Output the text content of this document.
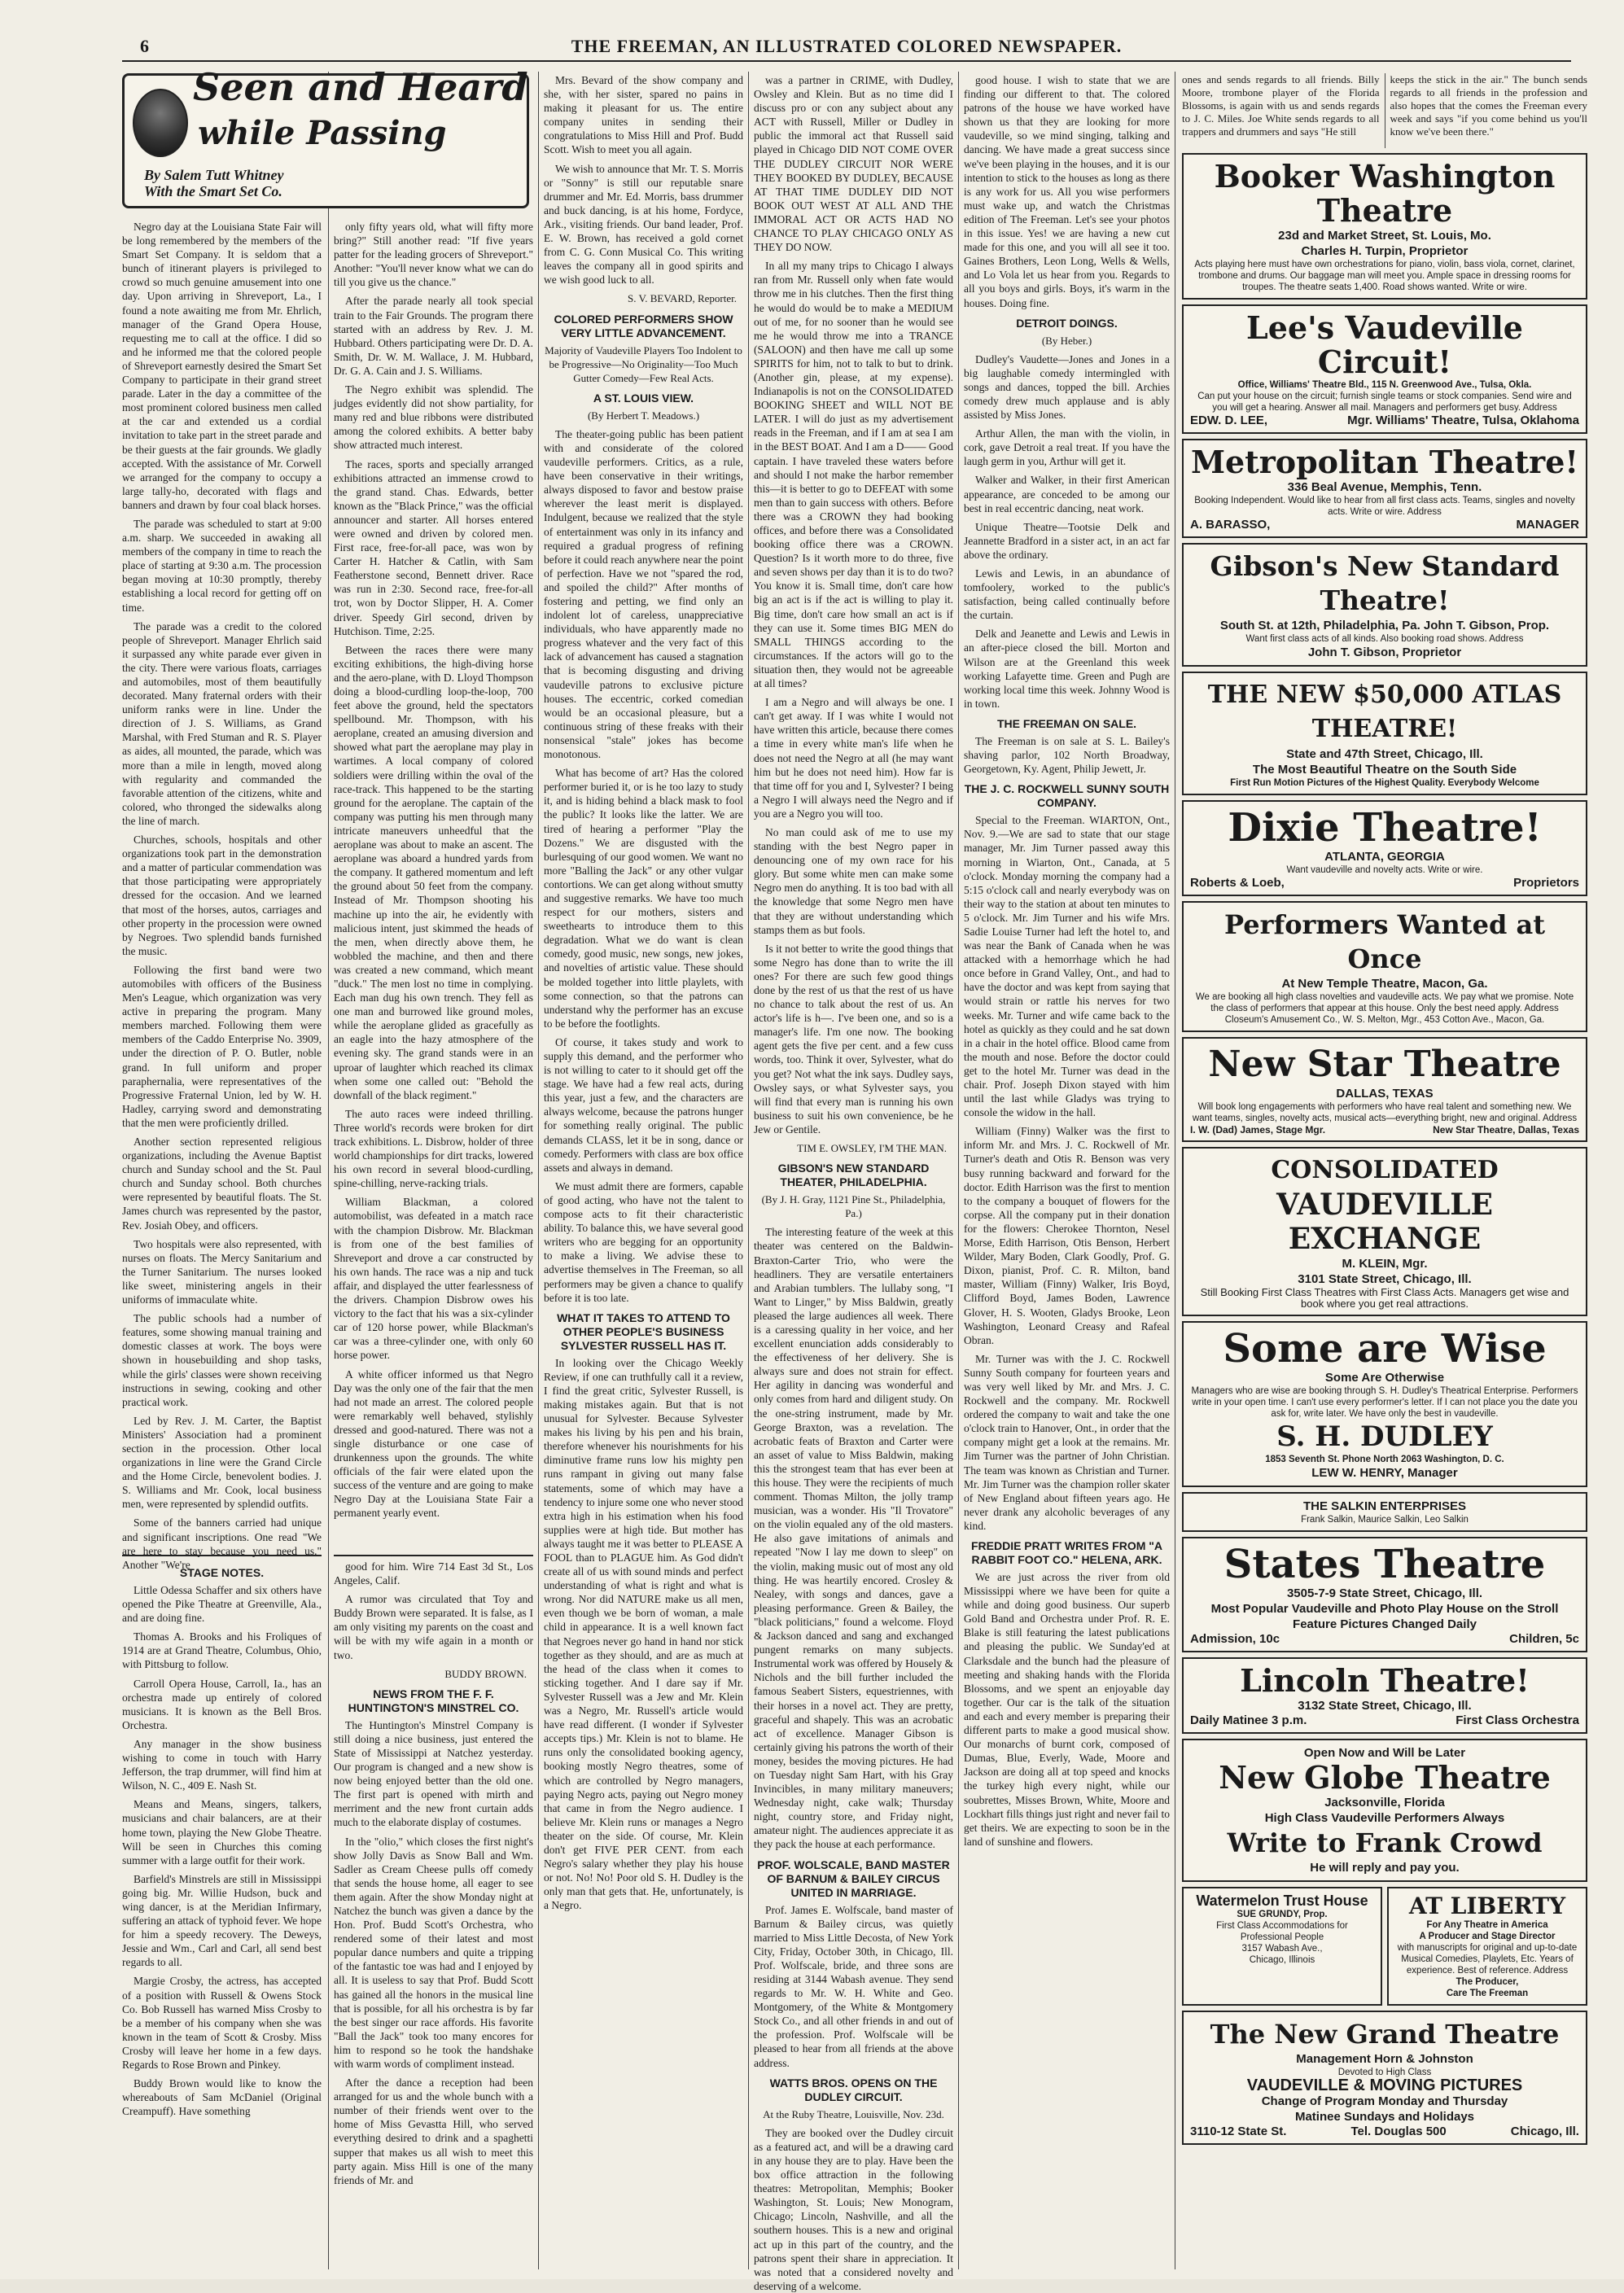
6	THE FREEMAN, AN ILLUSTRATED COLORED NEWSPAPER.
Seen and Heard
while Passing
By Salem Tutt Whitney
With the Smart Set Co.

Negro day at the Louisiana State Fair will be long remembered by the members of the Smart Set Company. It is seldom that a bunch of itinerant players is privileged to crowd so much genuine amusement into one day. Upon arriving in Shreveport, La., I found a note awaiting me from Mr. Ehrlich, manager of the Grand Opera House, requesting me to call at the office. I did so and he informed me that the colored people of Shreveport earnestly desired the Smart Set Company to participate in their grand street parade. Later in the day a committee of the most prominent colored business men called at the car and extended us a cordial invitation to take part in the street parade and be their guests at the fair grounds. We gladly accepted. With the assistance of Mr. Corwell we arranged for the company to occupy a large tally-ho, decorated with flags and banners and drawn by four coal black horses.

The parade was scheduled to start at 9:00 a.m. sharp. We succeeded in awaking all members of the company in time to reach the place of starting at 9:30 a.m. The procession began moving at 10:30 promptly, thereby establishing a local record for getting off on time.

The parade was a credit to the colored people of Shreveport. Manager Ehrlich said it surpassed any white parade ever given in the city. There were various floats, carriages and automobiles, most of them beautifully decorated. Many fraternal orders with their uniform ranks were in line. Under the direction of J. S. Williams, as Grand Marshal, with Fred Stuman and R. S. Player as aides, all mounted, the parade, which was more than a mile in length, moved along with regularity and commanded the favorable attention of the citizens, white and colored, who thronged the sidewalks along the line of march.

Churches, schools, hospitals and other organizations took part in the demonstration and a matter of particular commendation was that those participating were appropriately dressed for the occasion. And we learned that most of the horses, autos, carriages and other property in the procession were owned by Negroes. Two splendid bands furnished the music.

Following the first band were two automobiles with officers of the Business Men's League, which organization was very active in preparing the program. Many members marched. Following them were members of the Caddo Enterprise No. 3909, under the direction of P. O. Butler, noble grand. In full uniform and proper paraphernalia, were representatives of the Progressive Fraternal Union, led by W. H. Hadley, carrying sword and demonstrating that the men were proficiently drilled.

Another section represented religious organizations, including the Avenue Baptist church and Sunday school and the St. Paul church and Sunday school. Both churches were represented by beautiful floats. The St. James church was represented by the pastor, Rev. Josiah Obey, and officers.

Two hospitals were also represented, with nurses on floats. The Mercy Sanitarium and the Turner Sanitarium. The nurses looked like sweet, ministering angels in their uniforms of immaculate white.

The public schools had a number of features, some showing manual training and domestic classes at work. The boys were shown in housebuilding and shop tasks, while the girls' classes were shown receiving instructions in sewing, cooking and other practical work.

Led by Rev. J. M. Carter, the Baptist Ministers' Association had a prominent section in the procession. Other local organizations in line were the Grand Circle and the Home Circle, benevolent bodies. J. S. Williams and Mr. Cook, local business men, were represented by splendid outfits.

Some of the banners carried had unique and significant inscriptions. One read "We are here to stay because you need us." Another "We're

STAGE NOTES.

Little Odessa Schaffer and six others have opened the Pike Theatre at Greenville, Ala., and are doing fine.

Thomas A. Brooks and his Froliques of 1914 are at Grand Theatre, Columbus, Ohio, with Pittsburg to follow.

Carroll Opera House, Carroll, Ia., has an orchestra made up entirely of colored musicians. It is known as the Bell Bros. Orchestra.

Any manager in the show business wishing to come in touch with Harry Jefferson, the trap drummer, will find him at Wilson, N. C., 409 E. Nash St.

Means and Means, singers, talkers, musicians and chair balancers, are at their home town, playing the New Globe Theatre. Will be seen in Churches this coming summer with a large outfit for their work.

Barfield's Minstrels are still in Mississippi going big. Mr. Willie Hudson, buck and wing dancer, is at the Meridian Infirmary, suffering an attack of typhoid fever. We hope for him a speedy recovery. The Deweys, Jessie and Wm., Carl and Carl, all send best regards to all.

Margie Crosby, the actress, has accepted of a position with Russell & Owens Stock Co. Bob Russell has warned Miss Crosby to be a member of his company when she was known in the team of Scott & Crosby. Miss Crosby will leave her home in a few days. Regards to Rose Brown and Pinkey.

Buddy Brown would like to know the whereabouts of Sam McDaniel (Original Creampuff). Have something

only fifty years old, what will fifty more bring?" Still another read: "If five years patter for the leading grocers of Shreveport." Another: "You'll never know what we can do till you give us the chance."

After the parade nearly all took special train to the Fair Grounds. The program there started with an address by Rev. J. M. Hubbard. Others participating were Dr. D. A. Smith, Dr. W. M. Wallace, J. M. Hubbard, Dr. G. A. Cain and J. S. Williams.

The Negro exhibit was splendid. The judges evidently did not show partiality, for many red and blue ribbons were distributed among the colored exhibits. A better baby show attracted much interest.

The races, sports and specially arranged exhibitions attracted an immense crowd to the grand stand. Chas. Edwards, better known as the "Black Prince," was the official announcer and starter. All horses entered were owned and driven by colored men. First race, free-for-all pace, was won by Carter H. Hatcher & Catlin, with Sam Featherstone second, Bennett driver. Race was run in 2:30. Second race, free-for-all trot, won by Doctor Slipper, H. A. Comer driver. Speedy Girl second, driven by Hutchison. Time, 2:25.

Between the races there were many exciting exhibitions, the high-diving horse and the aero-plane, with D. Lloyd Thompson doing a blood-curdling loop-the-loop, 700 feet above the ground, held the spectators spellbound. Mr. Thompson, with his aeroplane, created an amusing diversion and showed what part the aeroplane may play in wartimes. A local company of colored soldiers were drilling within the oval of the race-track. This happened to be the starting ground for the aeroplane. The captain of the company was putting his men through many intricate maneuvers unheedful that the aeroplane was about to make an ascent. The aeroplane was aboard a hundred yards from the company. It gathered momentum and left the ground about 50 feet from the company. Instead of Mr. Thompson shooting his machine up into the air, he evidently with malicious intent, just skimmed the heads of the men, when directly above them, he wobbled the machine, and then and there was created a new command, which meant "duck." The men lost no time in complying. Each man dug his own trench. They fell as one man and burrowed like ground moles, while the aeroplane glided as gracefully as an eagle into the hazy atmosphere of the evening sky. The grand stands were in an uproar of laughter which reached its climax when some one called out: "Behold the downfall of the black regiment."

The auto races were indeed thrilling. Three world's records were broken for dirt track exhibitions. L. Disbrow, holder of three world championships for dirt tracks, lowered his own record in several blood-curdling, spine-chilling, nerve-racking trials.

William Blackman, a colored automobilist, was defeated in a match race with the champion Disbrow. Mr. Blackman is from one of the best families of Shreveport and drove a car constructed by his own hands. The race was a nip and tuck affair, and displayed the utter fearlessness of the drivers. Champion Disbrow owes his victory to the fact that his was a six-cylinder car of 120 horse power, while Blackman's car was a three-cylinder one, with only 60 horse power.

A white officer informed us that Negro Day was the only one of the fair that the men had not made an arrest. The colored people were remarkably well behaved, stylishly dressed and good-natured. There was not a single disturbance or one case of drunkenness upon the grounds. The white officials of the fair were elated upon the success of the venture and are going to make Negro Day at the Louisiana State Fair a permanent yearly event.

good for him. Wire 714 East 3d St., Los Angeles, Calif.

A rumor was circulated that Toy and Buddy Brown were separated. It is false, as I am only visiting my parents on the coast and will be with my wife again in a month or two.

BUDDY BROWN.
NEWS FROM THE F. F. HUNTINGTON'S MINSTREL CO.

The Huntington's Minstrel Company is still doing a nice business, just entered the State of Mississippi at Natchez yesterday. Our program is changed and a new show is now being enjoyed better than the old one. The first part is opened with mirth and merriment and the new front curtain adds much to the elaborate display of costumes.

In the "olio," which closes the first night's show Jolly Davis as Snow Ball and Wm. Sadler as Cream Cheese pulls off comedy that sends the house home, all eager to see them again. After the show Monday night at Natchez the bunch was given a dance by the Hon. Prof. Budd Scott's Orchestra, who rendered some of their latest and most popular dance numbers and quite a tripping of the fantastic toe was had and I enjoyed by all. It is useless to say that Prof. Budd Scott has gained all the honors in the musical line that is possible, for all his orchestra is by far the best singer our race affords. His favorite "Ball the Jack" took too many encores for him to respond so he took the handshake with warm words of compliment instead.

After the dance a reception had been arranged for us and the whole bunch with a number of their friends went over to the home of Miss Gevastta Hill, who served everything desired to drink and a spaghetti supper that makes us all wish to meet this party again. Miss Hill is one of the many friends of Mr. and

Mrs. Bevard of the show company and she, with her sister, spared no pains in making it pleasant for us. The entire company unites in sending their congratulations to Miss Hill and Prof. Budd Scott. Wish to meet you all again.

We wish to announce that Mr. T. S. Morris or "Sonny" is still our reputable snare drummer and Mr. Ed. Morris, bass drummer and buck dancing, is at his home, Fordyce, Ark., visiting friends. Our band leader, Prof. E. W. Brown, has received a gold cornet from C. G. Conn Musical Co. This writing leaves the company all in good spirits and we wish good luck to all.

S. V. BEVARD, Reporter.
COLORED PERFORMERS SHOW VERY LITTLE ADVANCEMENT.
Majority of Vaudeville Players Too Indolent to be Progressive—No Originality—Too Much Gutter Comedy—Few Real Acts.
A ST. LOUIS VIEW.
(By Herbert T. Meadows.)

The theater-going public has been patient with and considerate of the colored vaudeville performers. Critics, as a rule, have been conservative in their writings, always disposed to favor and bestow praise wherever the least merit is displayed. Indulgent, because we realized that the style of entertainment was only in its infancy and required a gradual progress of refining before it could reach anywhere near the point of perfection. Have we not "spared the rod, and spoiled the child?" After months of fostering and petting, we find only an indolent lot of careless, unappreciative individuals, who have apparently made no progress whatever and the very fact of this lack of advancement has caused a stagnation that is becoming disgusting and driving vaudeville patrons to exclusive picture houses. The eccentric, corked comedian would be an occasional pleasure, but a continuous string of these freaks with their nonsensical "stale" jokes has become monotonous.

What has become of art? Has the colored performer buried it, or is he too lazy to study it, and is hiding behind a black mask to fool the public? It looks like the latter. We are tired of hearing a performer "Play the Dozens." We are disgusted with the burlesquing of our good women. We want no more "Balling the Jack" or any other vulgar contortions. We can get along without smutty and suggestive remarks. We have too much respect for our mothers, sisters and sweethearts to introduce them to this degradation. What we do want is clean comedy, good music, new songs, new jokes, and novelties of artistic value. These should be molded together into little playlets, with some connection, so that the patrons can understand why the performer has an excuse to be before the footlights.

Of course, it takes study and work to supply this demand, and the performer who is not willing to cater to it should get off the stage. We have had a few real acts, during this year, just a few, and the characters are always welcome, because the patrons hunger for something really original. The public demands CLASS, let it be in song, dance or comedy. Performers with class are box office assets and always in demand.

We must admit there are formers, capable of good acting, who have not the talent to compose acts to fit their characteristic ability. To balance this, we have several good writers who are begging for an opportunity to make a living. We advise these to advertise themselves in The Freeman, so all performers may be given a chance to qualify before it is too late.

WHAT IT TAKES TO ATTEND TO OTHER PEOPLE'S BUSINESS SYLVESTER RUSSELL HAS IT.

In looking over the Chicago Weekly Review, if one can truthfully call it a review, I find the great critic, Sylvester Russell, is making mistakes again. But that is not unusual for Sylvester. Because Sylvester makes his living by his pen and his brain, therefore whenever his nourishments for his diminutive frame runs low his mighty pen runs rampant in giving out many false statements, some of which may have a tendency to injure some one who never stood extra high in his estimation when his food supplies were at high tide. But mother has always taught me it was better to PLEASE A FOOL than to PLAGUE him. As God didn't create all of us with sound minds and perfect understanding of what is right and what is wrong. Nor did NATURE make us all men, even though we be born of woman, a male child in appearance. It is a well known fact that Negroes never go hand in hand nor stick together as they should, and are as much at the head of the class when it comes to sticking together. And I dare say if Mr. Sylvester Russell was a Jew and Mr. Klein was a Negro, Mr. Russell's article would have read different. (I wonder if Sylvester accepts tips.) Mr. Klein is not to blame. He runs only the consolidated booking agency, booking mostly Negro theatres, some of which are controlled by Negro managers, paying Negro acts, paying out Negro money that came in from the Negro audience. I believe Mr. Klein runs or manages a Negro theater on the side. Of course, Mr. Klein don't get FIVE PER CENT. from each Negro's salary whether they play his house or not. No! No! Poor old S. H. Dudley is the only man that gets that. He, unfortunately, is a Negro.

was a partner in CRIME, with Dudley, Owsley and Klein. But as no time did I discuss pro or con any subject about any ACT with Russell, Miller or Dudley in public the immoral act that Russell said played in Chicago DID NOT COME OVER THE DUDLEY CIRCUIT NOR WERE THEY BOOKED BY DUDLEY, BECAUSE AT THAT TIME DUDLEY DID NOT BOOK OUT WEST AT ALL AND THE IMMORAL ACT OR ACTS HAD NO CHANCE TO PLAY CHICAGO ONLY AS THEY DO NOW.

In all my many trips to Chicago I always ran from Mr. Russell only when fate would throw me in his clutches. Then the first thing he would do would be to make a MEDIUM out of me, for no sooner than he would see me he would throw me into a TRANCE (SALOON) and then have me call up some SPIRITS for him, not to talk to but to drink. (Another gin, please, at my expense). Indianapolis is not on the CONSOLIDATED BOOKING SHEET and WILL NOT BE LATER. I will do just as my advertisement reads in the Freeman, and if I am at sea I am in the BEST BOAT. And I am a D—— Good captain. I have traveled these waters before and should I not make the harbor remember this—it is better to go to DEFEAT with some men than to gain success with others. Before there was a CROWN they had booking offices, and before there was a Consolidated booking office there was a CROWN. Question? Is it worth more to do three, five and seven shows per day than it is to do two? You know it is. Small time, don't care how big an act is if the act is willing to play it. Big time, don't care how small an act is if they can use it. Some times BIG MEN do SMALL THINGS according to the circumstances. If the actors will go to the situation then, they would not be agreeable at all times?

I am a Negro and will always be one. I can't get away. If I was white I would not have written this article, because there comes a time in every white man's life when he does not need the Negro at all (he may want him but he does not need him). How far is that time off for you and I, Sylvester? I being a Negro I will always need the Negro and if you are a Negro you will too.

No man could ask of me to use my standing with the best Negro paper in denouncing one of my own race for his glory. But some white men can make some Negro men do anything. It is too bad with all the knowledge that some Negro men have that they are without understanding which stamps them as but fools.

Is it not better to write the good things that some Negro has done than to write the ill ones? For there are such few good things done by the rest of us that the rest of us have no chance to talk about the rest of us. An actor's life is h—. I've been one, and so is a manager's life. I'm one now. The booking agent gets the five per cent. and a few cuss words, too. Think it over, Sylvester, what do you get? Not what the ink says. Dudley says, Owsley says, or what Sylvester says, you will find that every man is running his own business to suit his own convenience, be he Jew or Gentile.

TIM E. OWSLEY, I'M THE MAN.
GIBSON'S NEW STANDARD THEATER, PHILADELPHIA.
(By J. H. Gray, 1121 Pine St., Philadelphia, Pa.)

The interesting feature of the week at this theater was centered on the Baldwin-Braxton-Carter Trio, who were the headliners. They are versatile entertainers and Arabian tumblers. The lullaby song, "I Want to Linger," by Miss Baldwin, greatly pleased the large audiences all week. There is a caressing quality in her voice, and her excellent enunciation adds considerably to the effectiveness of her delivery. She is always sure and does not strain for effect. Her agility in dancing was wonderful and only comes from hard and diligent study. On the one-string instrument, made by Mr. George Braxton, was a revelation. The acrobatic feats of Braxton and Carter were an asset of value to Miss Baldwin, making this the strongest team that has ever been at this house. They were the recipients of much comment. Thomas Milton, the jolly tramp musician, was a wonder. His "Il Trovatore" on the violin equaled any of the old masters. He also gave imitations of animals and repeated "Now I lay me down to sleep" on the violin, making music out of most any old thing. He was heartily encored. Crosley & Nealey, with songs and dances, gave a pleasing performance. Green & Bailey, the "black politicians," found a welcome. Floyd & Jackson danced and sang and exchanged pungent remarks on many subjects. Instrumental work was offered by Housely & Nichols and the bill further included the famous Seabert Sisters, equestriennes, with their horses in a novel act. They are pretty, graceful and shapely. This was an acrobatic act of excellence. Manager Gibson is certainly giving his patrons the worth of their money, besides the moving pictures. He had on Tuesday night Sam Hart, with his Gray Invincibles, in many military maneuvers; Wednesday night, cake walk; Thursday night, country store, and Friday night, amateur night. The audiences appreciate it as they pack the house at each performance.

PROF. WOLSCALE, BAND MASTER OF BARNUM & BAILEY CIRCUS UNITED IN MARRIAGE.

Prof. James E. Wolfscale, band master of Barnum & Bailey circus, was quietly married to Miss Little Decosta, of New York City, Friday, October 30th, in Chicago, Ill. Prof. Wolfscale, bride, and three sons are residing at 3144 Wabash avenue. They send regards to Mr. W. H. White and Geo. Montgomery, of the White & Montgomery Stock Co., and all other friends in and out of the profession. Prof. Wolfscale will be pleased to hear from all friends at the above address.

WATTS BROS. OPENS ON THE DUDLEY CIRCUIT.
At the Ruby Theatre, Louisville, Nov. 23d.

They are booked over the Dudley circuit as a featured act, and will be a drawing card in any house they are to play. Have been the box office attraction in the following theatres: Metropolitan, Memphis; Booker Washington, St. Louis; New Monogram, Chicago; Lincoln, Nashville, and all the southern houses. This is a new and original act up in this part of the country, and the patrons spent their share in appreciation. It was noted that a considered novelty and deserving of a welcome.

good house. I wish to state that we are finding our different to that. The colored patrons of the house we have worked have shown us that they are looking for more vaudeville, so we mind singing, talking and dancing. We have made a great success since we've been playing in the houses, and it is our intention to stick to the houses as long as there is any work for us. All you wise performers must wake up, and watch the Christmas edition of The Freeman. Let's see your photos in this issue. Yes! we are having a new cut made for this one, and you will all see it too. Gaines Brothers, Leon Long, Wells & Wells, and Lo Vola let us hear from you. Regards to all you boys and girls. Boys, it's warm in the houses. Doing fine.

DETROIT DOINGS.
(By Heber.)

Dudley's Vaudette—Jones and Jones in a big laughable comedy intermingled with songs and dances, topped the bill. Archies comedy drew much applause and is ably assisted by Miss Jones.

Arthur Allen, the man with the violin, in cork, gave Detroit a real treat. If you have the laugh germ in you, Arthur will get it.

Walker and Walker, in their first American appearance, are conceded to be among our best in real eccentric dancing, neat work.

Unique Theatre—Tootsie Delk and Jeannette Bradford in a sister act, in an act far above the ordinary.

Lewis and Lewis, in an abundance of tomfoolery, worked to the public's satisfaction, being called continually before the curtain.

Delk and Jeanette and Lewis and Lewis in an after-piece closed the bill. Morton and Wilson are at the Greenland this week working Lafayette time. Green and Pugh are working local time this week. Johnny Wood is in town.

THE FREEMAN ON SALE.

The Freeman is on sale at S. L. Bailey's shaving parlor, 102 North Broadway, Georgetown, Ky. Agent, Philip Jewett, Jr.

THE J. C. ROCKWELL SUNNY SOUTH COMPANY.

Special to the Freeman. WIARTON, Ont., Nov. 9.—We are sad to state that our stage manager, Mr. Jim Turner passed away this morning in Wiarton, Ont., Canada, at 5 o'clock. Monday morning the company had a 5:15 o'clock call and nearly everybody was on their way to the station at about ten minutes to 5 o'clock. Mr. Jim Turner and his wife Mrs. Sadie Louise Turner had left the hotel to, and was near the Bank of Canada when he was attacked with a hemorrhage which he had once before in Grand Valley, Ont., and had to have the doctor and was kept from saying that would strain or rattle his nerves for two weeks. Mr. Turner and wife came back to the hotel as quickly as they could and he sat down in a chair in the hotel office. Blood came from the mouth and nose. Before the doctor could get to the hotel Mr. Turner was dead in the chair. Prof. Joseph Dixon stayed with him until the last while Gladys was trying to console the widow in the hall.

William (Finny) Walker was the first to inform Mr. and Mrs. J. C. Rockwell of Mr. Turner's death and Otis R. Benson was very busy running backward and forward for the doctor. Edith Harrison was the first to mention to the company a bouquet of flowers for the corpse. All the company put in their donation for the flowers: Cherokee Thornton, Nesel Morse, Edith Harrison, Otis Benson, Herbert Wilder, Mary Boden, Clark Goodly, Prof. G. Dixon, pianist, Prof. C. R. Milton, band master, William (Finny) Walker, Iris Boyd, Clifford Boyd, James Boden, Lawrence Glover, H. S. Wooten, Gladys Brooke, Leon Washington, Leonard Creasy and Rafeal Obran.

Mr. Turner was with the J. C. Rockwell Sunny South company for fourteen years and was very well liked by Mr. and Mrs. J. C. Rockwell and the company. Mr. Rockwell ordered the company to wait and take the one o'clock train to Hanover, Ont., in order that the company might get a look at the remains. Mr. Jim Turner was the partner of John Christian. The team was known as Christian and Turner. Mr. Jim Turner was the champion roller skater of New England about fifteen years ago. He never drank any alcoholic beverages of any kind.

FREDDIE PRATT WRITES FROM "A RABBIT FOOT CO." HELENA, ARK.

We are just across the river from old Mississippi where we have been for quite a while and doing good business. Our superb Gold Band and Orchestra under Prof. R. E. Blake is still featuring the latest publications and pleasing the public. We Sunday'ed at Clarksdale and the bunch had the pleasure of meeting and shaking hands with the Florida Blossoms, and we spent an enjoyable day together. Our car is the talk of the situation and each and every member is preparing their different parts to make a good musical show. Our monarchs of burnt cork, composed of Dumas, Blue, Everly, Wade, Moore and Jackson are doing all at top speed and knocks the turkey high every night, while our soubrettes, Misses Brown, White, Moore and Lockhart fills things just right and never fail to get theirs. We are expecting to soon be in the land of sunshine and flowers.

ones and sends regards to all friends. Billy Moore, trombone player of the Florida Blossoms, is again with us and sends regards to J. C. Miles. Joe White sends regards to all trappers and drummers and says "He still
keeps the stick in the air." The bunch sends regards to all friends in the profession and also hopes that the comes the Freeman every week and says "if you come behind us you'll know we've been there."
Booker Washington Theatre
23d and Market Street, St. Louis, Mo.
Charles H. Turpin, Proprietor
Acts playing here must have own orchestrations for piano, violin, bass viola, cornet, clarinet, trombone and drums. Our baggage man will meet you. Ample space in dressing rooms for troupes. The theatre seats 1,400. Road shows wanted. Write or wire.
Lee's Vaudeville Circuit!
Office, Williams' Theatre Bld., 115 N. Greenwood Ave., Tulsa, Okla.
Can put your house on the circuit; furnish single teams or stock companies. Send wire and you will get a hearing. Answer all mail. Managers and performers get busy. Address
EDW. D. LEE,	Mgr. Williams' Theatre, Tulsa, Oklahoma
Metropolitan Theatre!
336 Beal Avenue, Memphis, Tenn.
Booking Independent. Would like to hear from all first class acts. Teams, singles and novelty acts. Write or wire. Address
A. BARASSO,	MANAGER
Gibson's New Standard Theatre!
South St. at 12th, Philadelphia, Pa. John T. Gibson, Prop.
Want first class acts of all kinds. Also booking road shows. Address
John T. Gibson, Proprietor
THE NEW $50,000 ATLAS THEATRE!
State and 47th Street, Chicago, Ill.
The Most Beautiful Theatre on the South Side
First Run Motion Pictures of the Highest Quality. Everybody Welcome
Dixie Theatre!
ATLANTA, GEORGIA
Want vaudeville and novelty acts. Write or wire.
Roberts & Loeb,	Proprietors
Performers Wanted at Once
At New Temple Theatre, Macon, Ga.
We are booking all high class novelties and vaudeville acts. We pay what we promise. Note the class of performers that appear at this house. Only the best need apply. Address Closeum's Amusement Co., W. S. Melton, Mgr., 453 Cotton Ave., Macon, Ga.
New Star Theatre
DALLAS, TEXAS
Will book long engagements with performers who have real talent and something new. We want teams, singles, novelty acts, musical acts—everything bright, new and original. Address
I. W. (Dad) James, Stage Mgr.	New Star Theatre, Dallas, Texas
CONSOLIDATED
VAUDEVILLE EXCHANGE
M. KLEIN, Mgr.
3101 State Street, Chicago, Ill.
Still Booking First Class Theatres with First Class Acts. Managers get wise and book where you get real attractions.
Some are Wise
Some Are Otherwise
Managers who are wise are booking through S. H. Dudley's Theatrical Enterprise. Performers write in your open time. I can't use every performer's letter. If I can not place you the date you ask for, write later. We have only the best in vaudeville.
S. H. DUDLEY
1853 Seventh St. Phone North 2063 Washington, D. C.
LEW W. HENRY, Manager
THE SALKIN ENTERPRISES
Frank Salkin, Maurice Salkin, Leo Salkin
States Theatre
3505-7-9 State Street, Chicago, Ill.
Most Popular Vaudeville and Photo Play House on the Stroll
Feature Pictures Changed Daily
Admission, 10c	Children, 5c
Lincoln Theatre!
3132 State Street, Chicago, Ill.
Daily Matinee 3 p.m.	First Class Orchestra
Open Now and Will be Later
New Globe Theatre
Jacksonville, Florida
High Class Vaudeville Performers Always
Write to Frank Crowd
He will reply and pay you.
Watermelon Trust House
SUE GRUNDY, Prop.
First Class Accommodations for Professional People
3157 Wabash Ave.,
Chicago, Illinois
AT LIBERTY
For Any Theatre in America
A Producer and Stage Director
with manuscripts for original and up-to-date Musical Comedies, Playlets, Etc. Years of experience. Best of reference. Address
The Producer,
Care The Freeman
The New Grand Theatre
Management Horn & Johnston
Devoted to High Class
VAUDEVILLE & MOVING PICTURES
Change of Program Monday and Thursday
Matinee Sundays and Holidays
3110-12 State St.	Tel. Douglas 500	Chicago, Ill.
